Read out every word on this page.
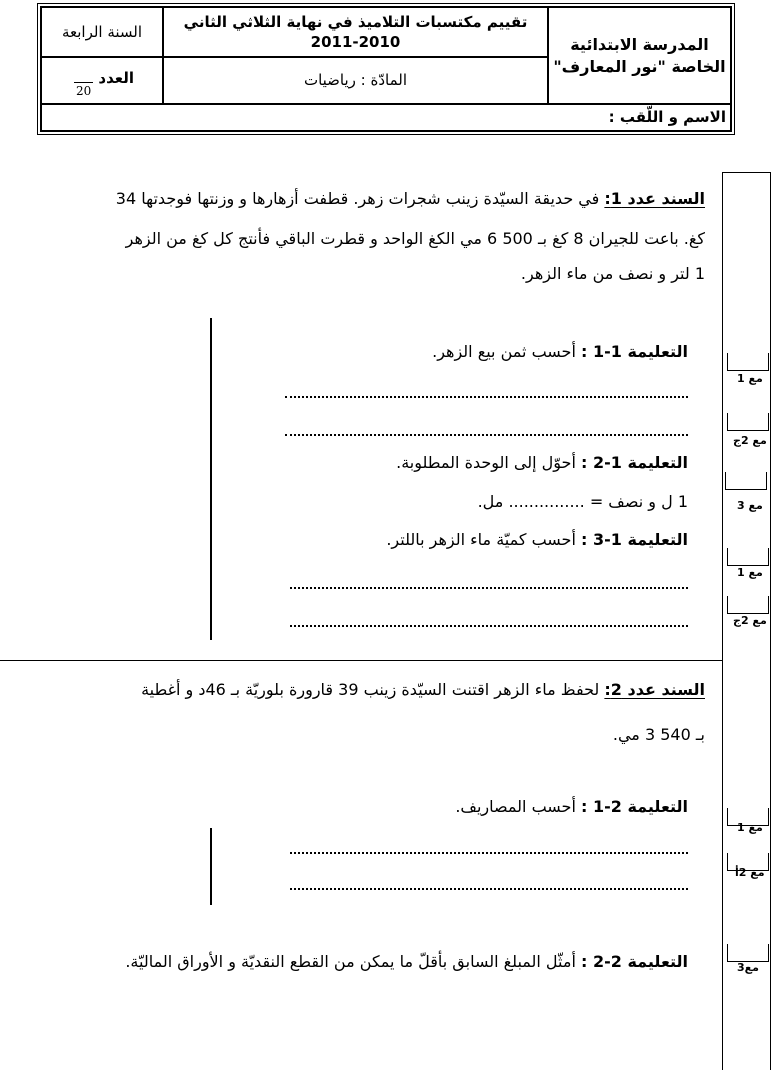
المدرسة الابتدائية الخاصة "نور المعارف"
تقييم مكتسبات التلاميذ في نهاية الثلاثي الثاني
2011-2010
السنة الرابعة
المادّة : رياضيات
العدد
20
الاسم و اللّقب :
السند عدد 1: في حديقة السيّدة زينب شجرات زهر. قطفت أزهارها و وزنتها فوجدتها 34
كغ. باعت للجيران 8 كغ بـ 500 6 مي الكغ الواحد و قطرت الباقي فأنتج كل كغ من الزهر
1 لتر و نصف من ماء الزهر.
التعليمة 1-1 : أحسب ثمن بيع الزهر.
التعليمة 1-2 : أحوّل إلى الوحدة المطلوبة.
1 ل و نصف = ............... مل.
التعليمة 1-3 : أحسب كميّة ماء الزهر باللتر.
السند عدد 2: لحفظ ماء الزهر اقتنت السيّدة زينب 39 قارورة بلوريّة بـ 46د و أغطية
بـ 540 3 مي.
التعليمة 2-1 : أحسب المصاريف.
التعليمة 2-2 : أمثّل المبلغ السابق بأقلّ ما يمكن من القطع النقديّة و الأوراق الماليّة.
مع 1
مع 2ج
مع 3
مع 1
مع 2ج
مع 1
مع 2أ
مع3
